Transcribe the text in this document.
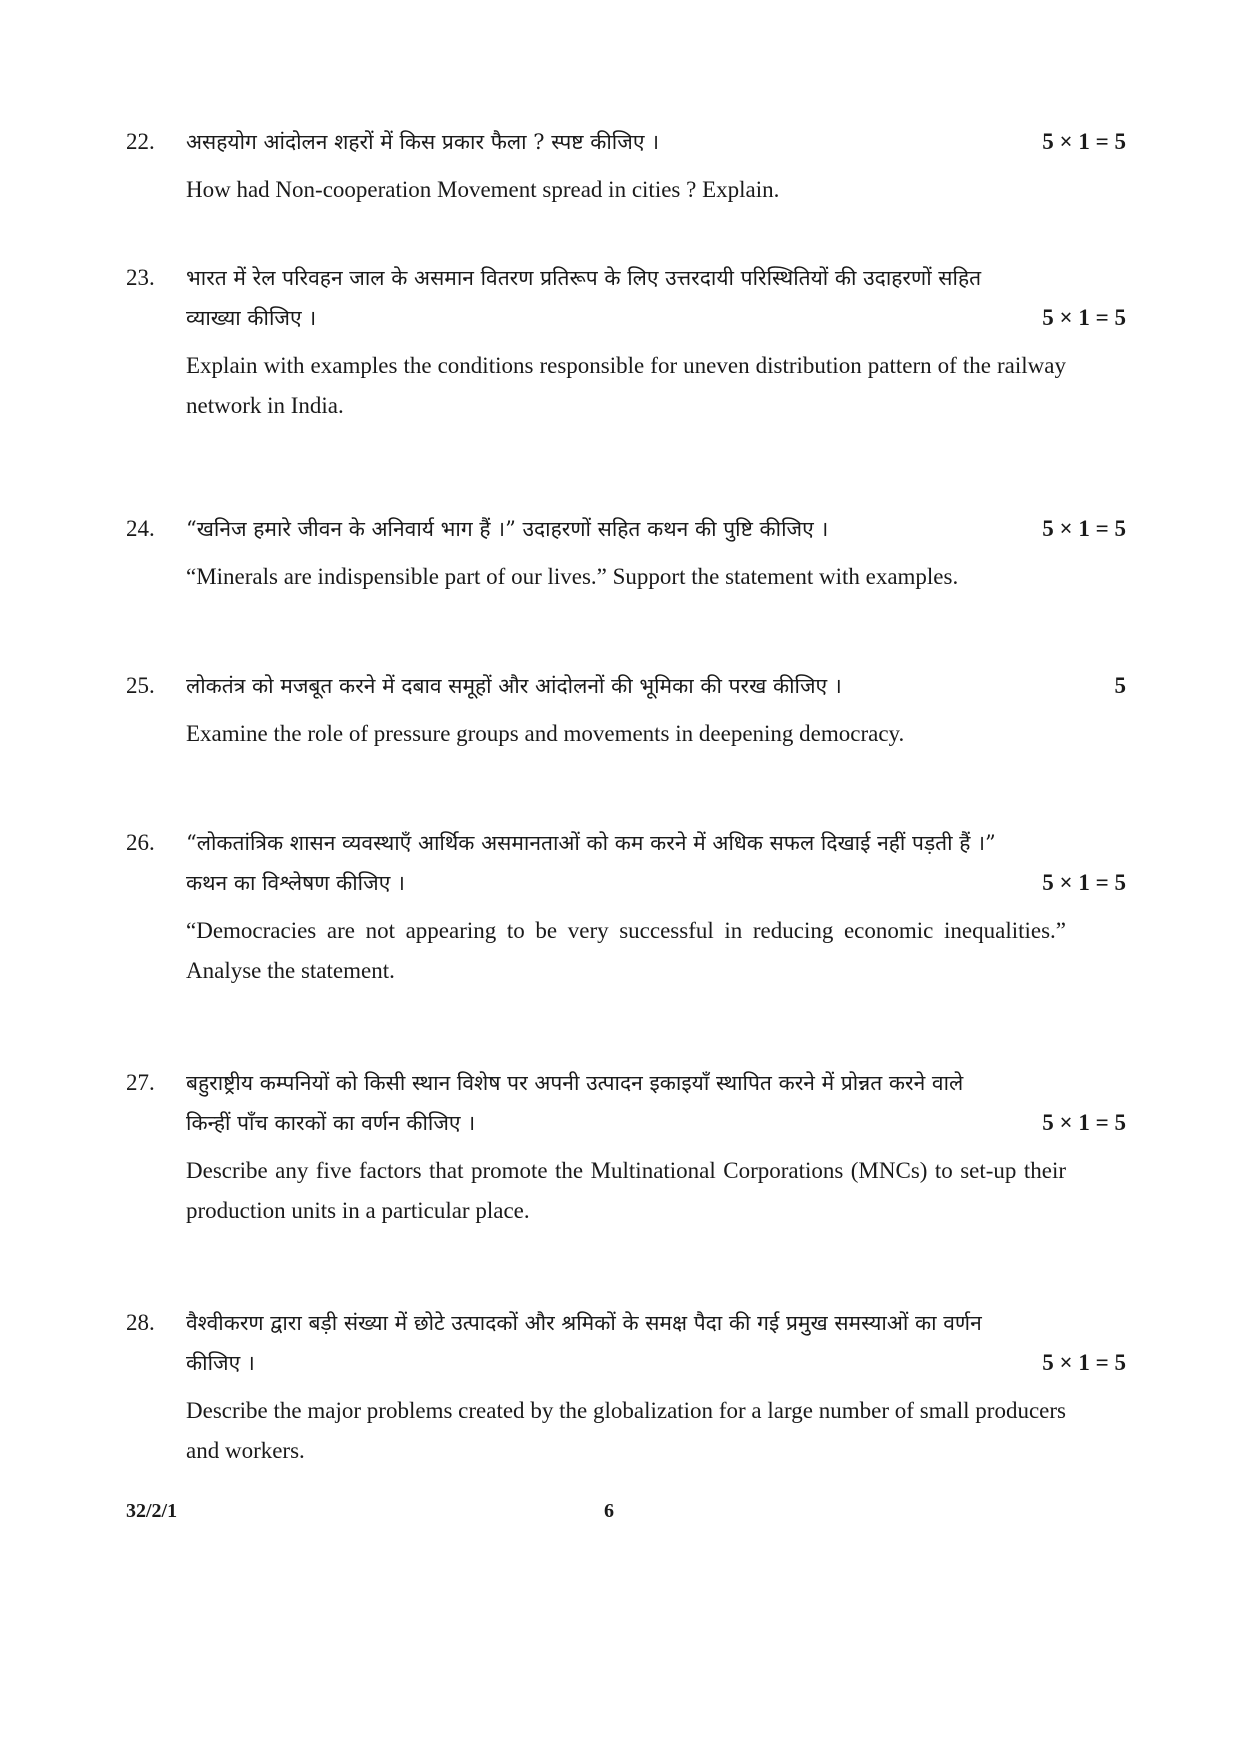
22.	असहयोग आंदोलन शहरों में किस प्रकार फैला ? स्पष्ट कीजिए ।	5 × 1 = 5
How had Non-cooperation Movement spread in cities ? Explain.
23.	भारत में रेल परिवहन जाल के असमान वितरण प्रतिरूप के लिए उत्तरदायी परिस्थितियों की उदाहरणों सहित
व्याख्या कीजिए ।	5 × 1 = 5
Explain with examples the conditions responsible for uneven distribution pattern of the railway network in India.
24.	“खनिज हमारे जीवन के अनिवार्य भाग हैं ।” उदाहरणों सहित कथन की पुष्टि कीजिए ।	5 × 1 = 5
“Minerals are indispensible part of our lives.” Support the statement with examples.
25.	लोकतंत्र को मजबूत करने में दबाव समूहों और आंदोलनों की भूमिका की परख कीजिए ।	5
Examine the role of pressure groups and movements in deepening democracy.
26.	“लोकतांत्रिक शासन व्यवस्थाएँ आर्थिक असमानताओं को कम करने में अधिक सफल दिखाई नहीं पड़ती हैं ।”
कथन का विश्लेषण कीजिए ।	5 × 1 = 5
“Democracies are not appearing to be very successful in reducing economic inequalities.” Analyse the statement.
27.	बहुराष्ट्रीय कम्पनियों को किसी स्थान विशेष पर अपनी उत्पादन इकाइयाँ स्थापित करने में प्रोन्नत करने वाले
किन्हीं पाँच कारकों का वर्णन कीजिए ।	5 × 1 = 5
Describe any five factors that promote the Multinational Corporations (MNCs) to set-up their production units in a particular place.
28.	वैश्वीकरण द्वारा बड़ी संख्या में छोटे उत्पादकों और श्रमिकों के समक्ष पैदा की गई प्रमुख समस्याओं का वर्णन
कीजिए ।	5 × 1 = 5
Describe the major problems created by the globalization for a large number of small producers and workers.
32/2/1	6
